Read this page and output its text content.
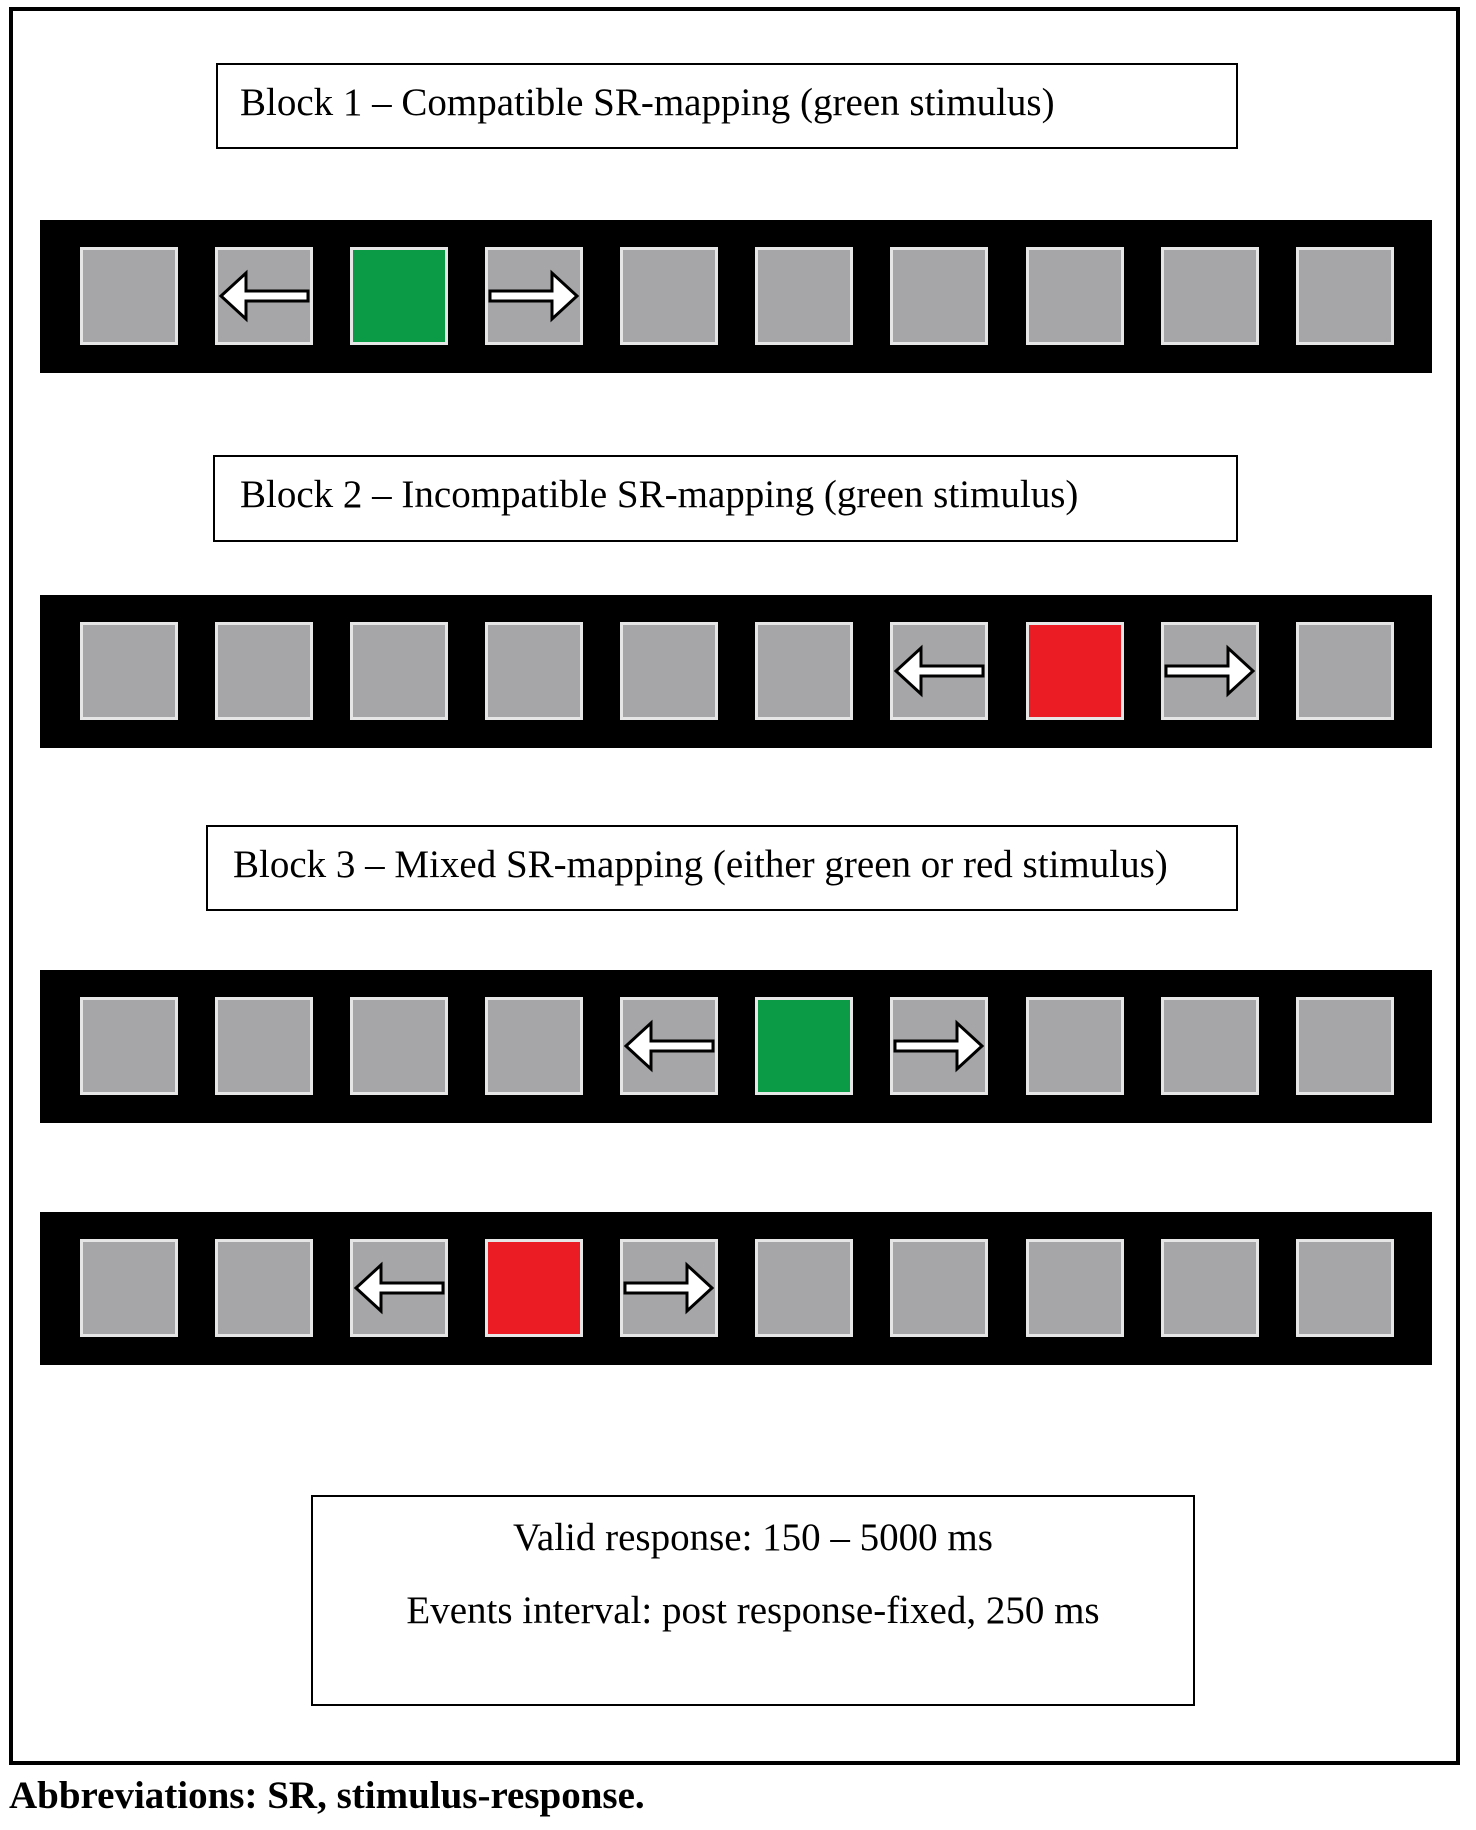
Block 1 – Compatible SR-mapping (green stimulus)
Block 2 – Incompatible SR-mapping (green stimulus)
Block 3 – Mixed SR-mapping (either green or red stimulus)
Valid response: 150 – 5000 ms
Events interval: post response-fixed, 250 ms
Abbreviations: SR, stimulus-response.
